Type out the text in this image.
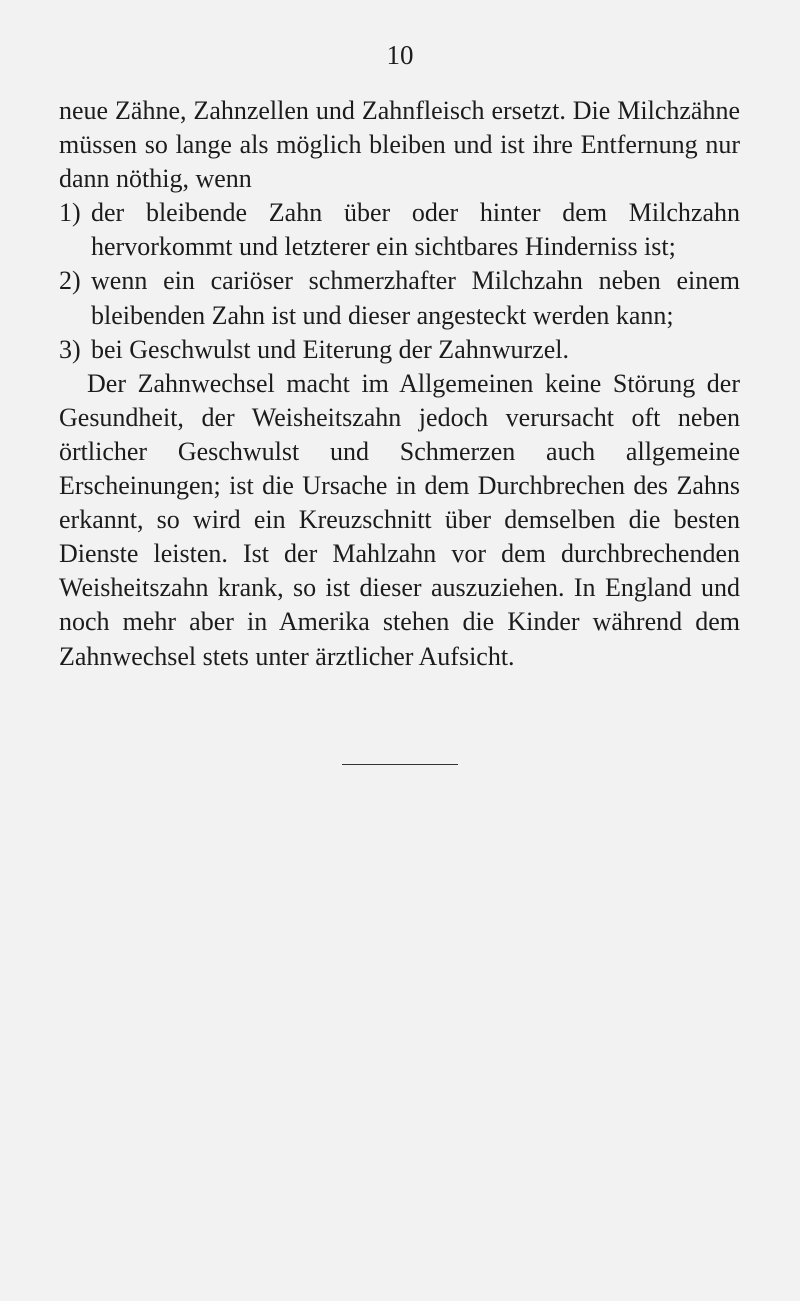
10

neue Zähne, Zahnzellen und Zahnfleisch ersetzt. Die Milchzähne müssen so lange als möglich bleiben und ist ihre Entfernung nur dann nöthig, wenn

1) der bleibende Zahn über oder hinter dem Milchzahn hervorkommt und letzterer ein sichtbares Hinderniss ist;
2) wenn ein cariöser schmerzhafter Milchzahn neben einem bleibenden Zahn ist und dieser angesteckt werden kann;
3) bei Geschwulst und Eiterung der Zahnwurzel.

Der Zahnwechsel macht im Allgemeinen keine Störung der Gesundheit, der Weisheitszahn jedoch verursacht oft neben örtlicher Geschwulst und Schmerzen auch allgemeine Erscheinungen; ist die Ursache in dem Durchbrechen des Zahns erkannt, so wird ein Kreuzschnitt über demselben die besten Dienste leisten. Ist der Mahlzahn vor dem durchbrechenden Weisheitszahn krank, so ist dieser auszuziehen. In England und noch mehr aber in Amerika stehen die Kinder während dem Zahnwechsel stets unter ärztlicher Aufsicht.
